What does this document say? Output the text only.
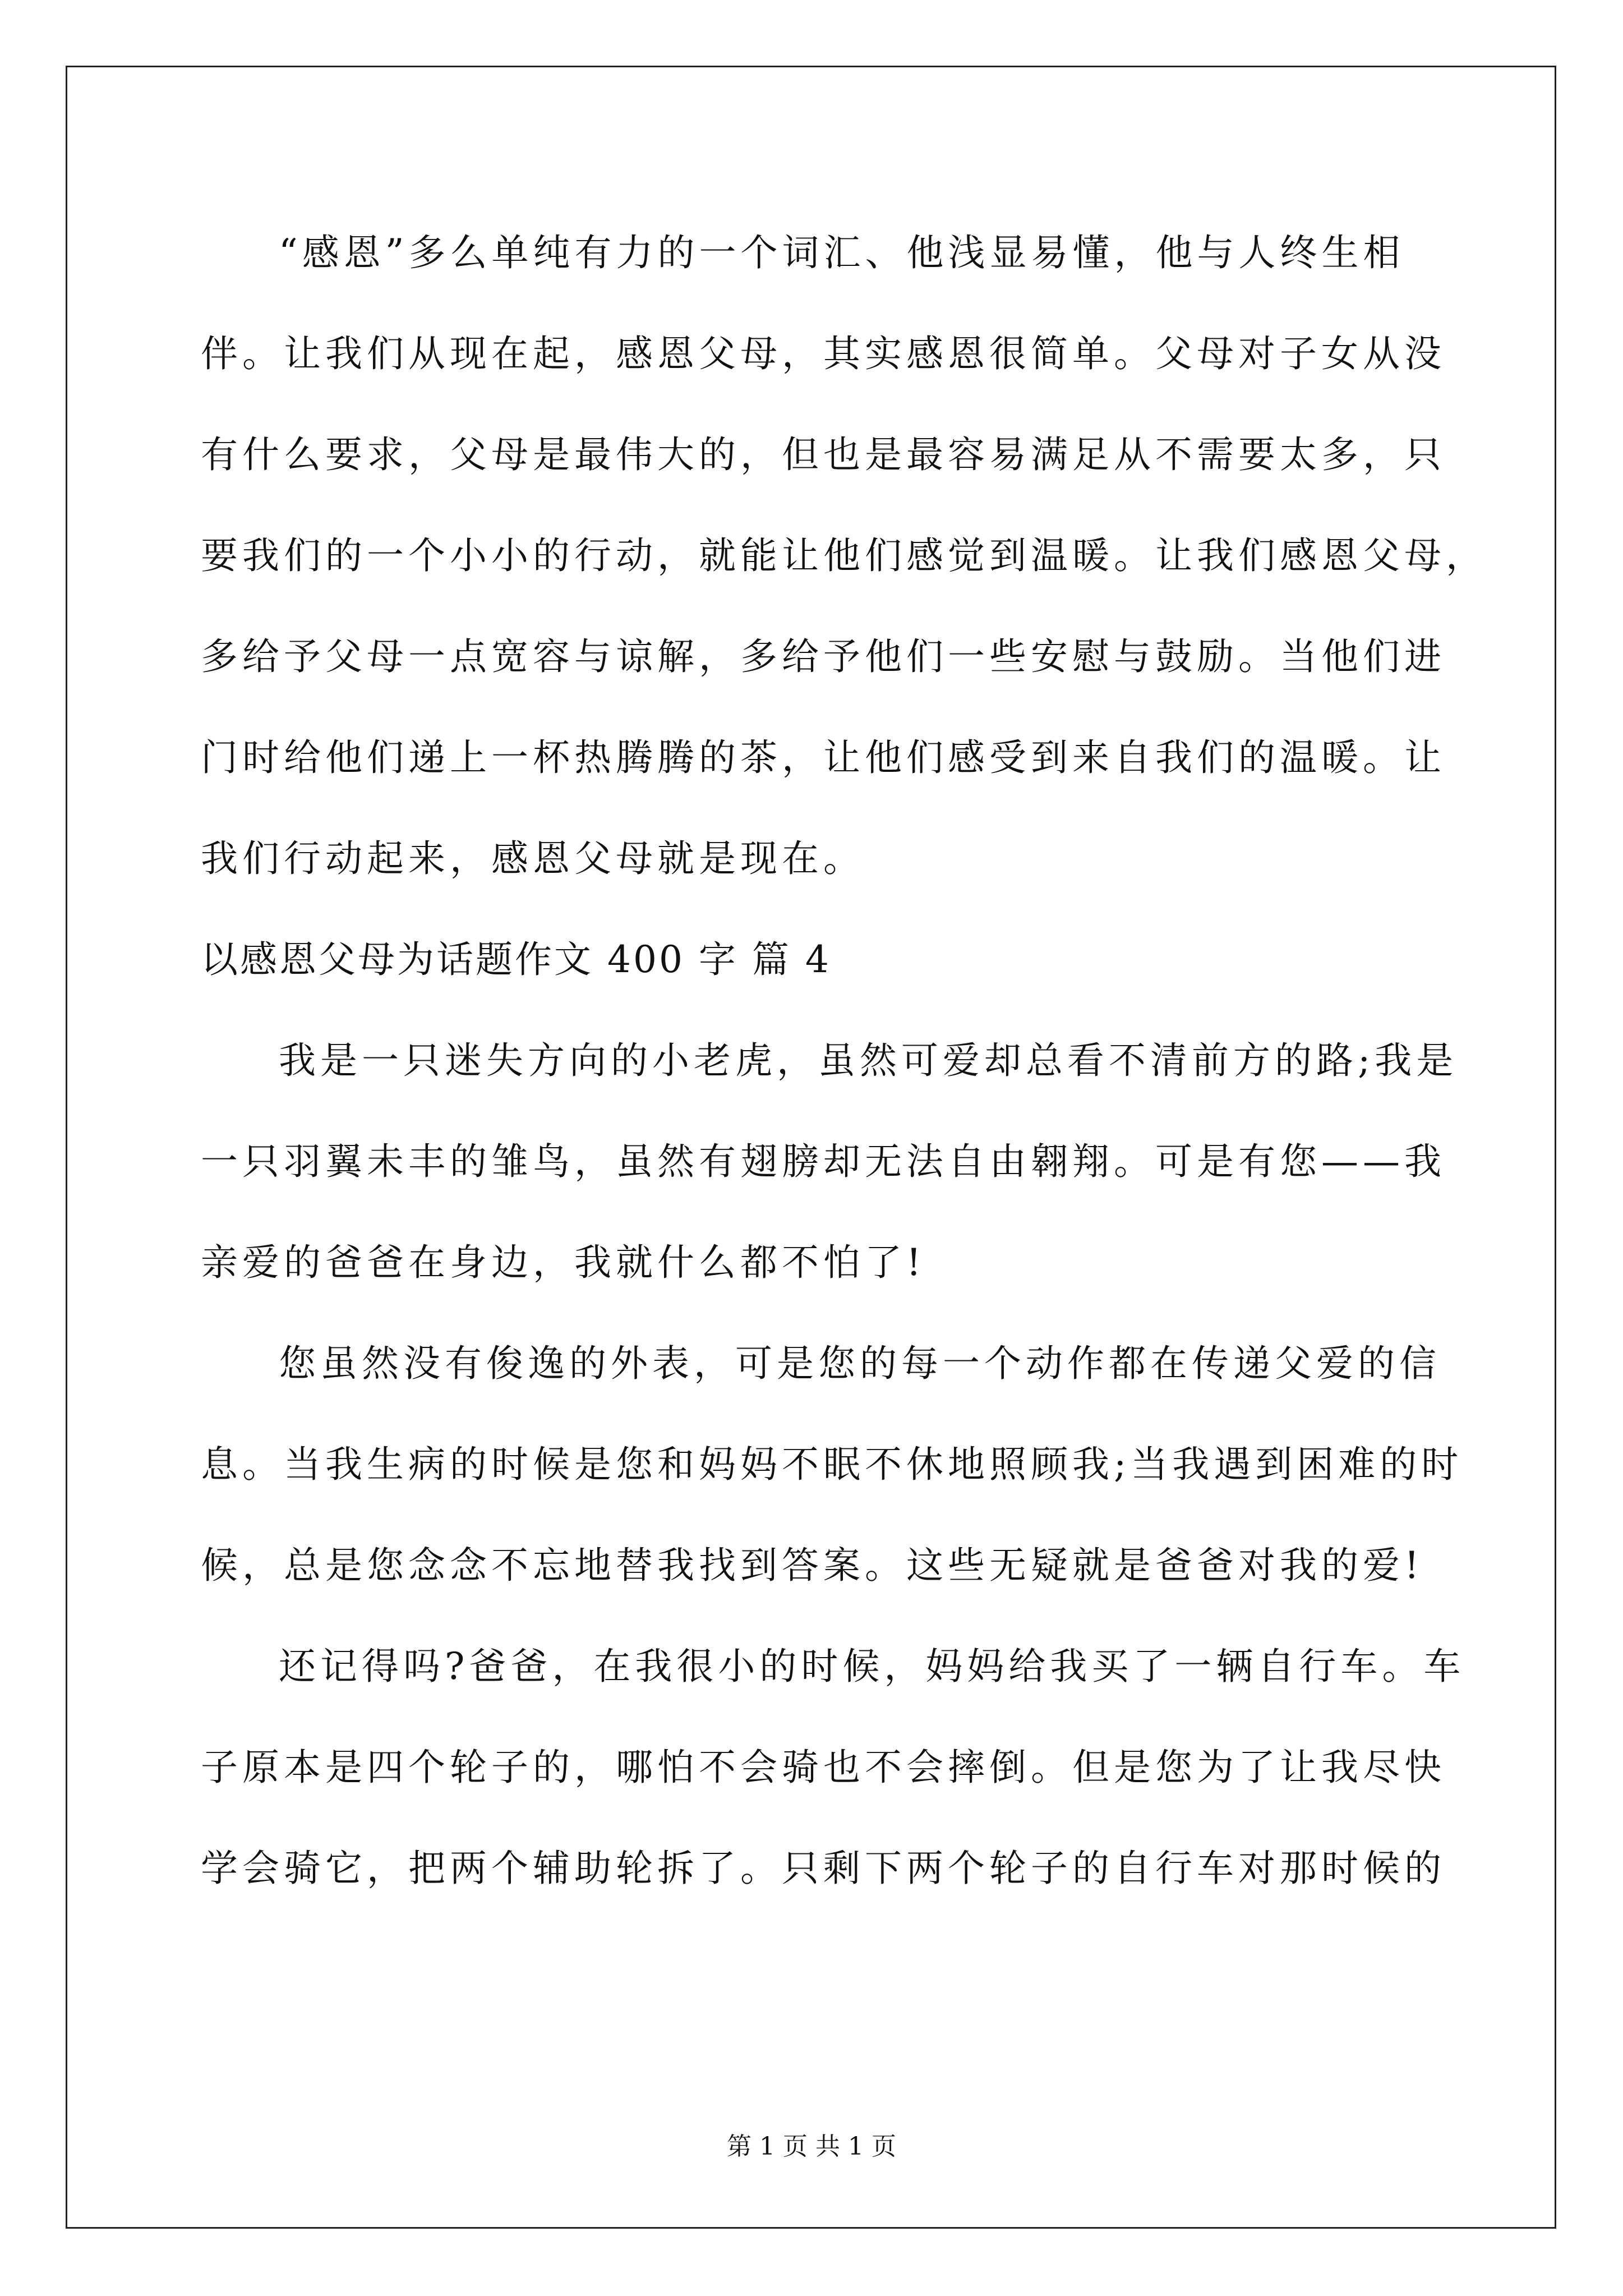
“感恩”多么单纯有力的一个词汇、他浅显易懂，他与人终生相
伴。让我们从现在起，感恩父母，其实感恩很简单。父母对子女从没
有什么要求，父母是最伟大的，但也是最容易满足从不需要太多，只
要我们的一个小小的行动，就能让他们感觉到温暖。让我们感恩父母，
多给予父母一点宽容与谅解，多给予他们一些安慰与鼓励。当他们进
门时给他们递上一杯热腾腾的茶，让他们感受到来自我们的温暖。让
我们行动起来，感恩父母就是现在。
以感恩父母为话题作文 400 字 篇 4
我是一只迷失方向的小老虎，虽然可爱却总看不清前方的路;我是
一只羽翼未丰的雏鸟，虽然有翅膀却无法自由翱翔。可是有您——我
亲爱的爸爸在身边，我就什么都不怕了!
您虽然没有俊逸的外表，可是您的每一个动作都在传递父爱的信
息。当我生病的时候是您和妈妈不眠不休地照顾我;当我遇到困难的时
候，总是您念念不忘地替我找到答案。这些无疑就是爸爸对我的爱!
还记得吗?爸爸，在我很小的时候，妈妈给我买了一辆自行车。车
子原本是四个轮子的，哪怕不会骑也不会摔倒。但是您为了让我尽快
学会骑它，把两个辅助轮拆了。只剩下两个轮子的自行车对那时候的
第 1 页 共 1 页
